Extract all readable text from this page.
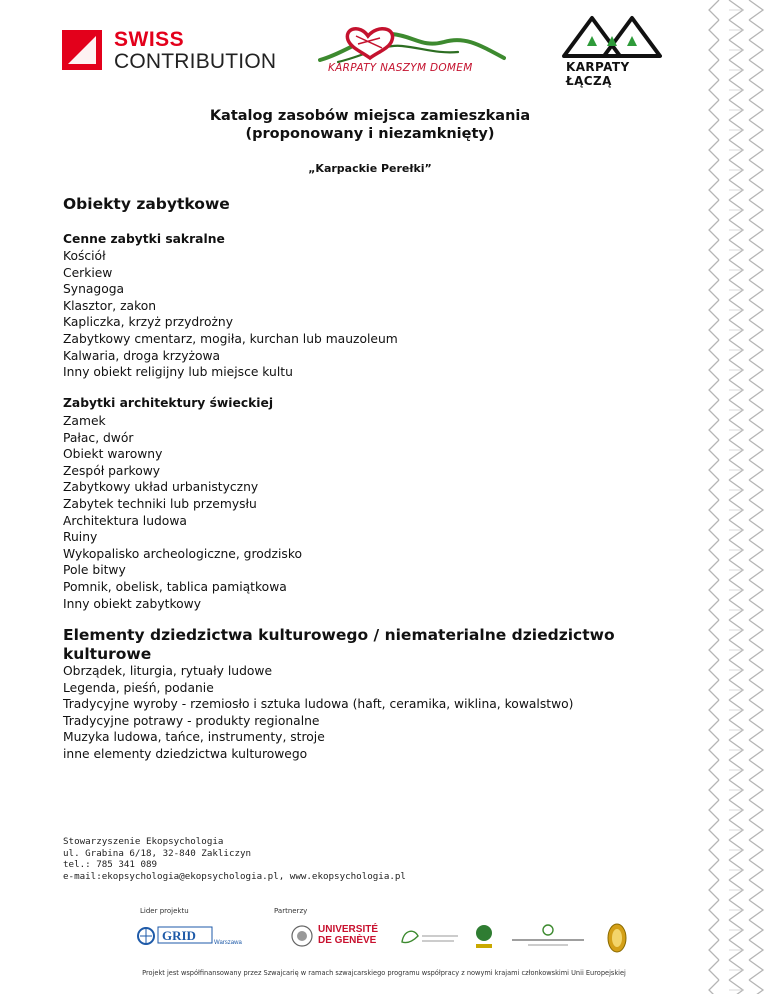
SWISS
CONTRIBUTION	KARPATY NASZYM DOMEM	KARPATY ŁĄCZĄ
Katalog zasobów miejsca zamieszkania
(proponowany i niezamknięty)
„Karpackie Perełki”
Obiekty zabytkowe
Cenne zabytki sakralne
Kościół
Cerkiew
Synagoga
Klasztor, zakon
Kapliczka, krzyż przydrożny
Zabytkowy cmentarz, mogiła, kurchan lub mauzoleum
Kalwaria, droga krzyżowa
Inny obiekt religijny lub miejsce kultu
Zabytki architektury świeckiej
Zamek
Pałac, dwór
Obiekt warowny
Zespół parkowy
Zabytkowy układ urbanistyczny
Zabytek techniki lub przemysłu
Architektura ludowa
Ruiny
Wykopalisko archeologiczne, grodzisko
Pole bitwy
Pomnik, obelisk, tablica pamiątkowa
Inny obiekt zabytkowy
Elementy dziedzictwa kulturowego / niematerialne dziedzictwo
kulturowe
Obrządek, liturgia, rytuały ludowe
Legenda, pieśń, podanie
Tradycyjne wyroby - rzemiosło i sztuka ludowa (haft, ceramika, wiklina, kowalstwo)
Tradycyjne potrawy - produkty regionalne
Muzyka ludowa, tańce, instrumenty, stroje
inne elementy dziedzictwa kulturowego
Stowarzyszenie Ekopsychologia
ul. Grabina 6/18, 32-840 Zakliczyn
tel.: 785 341 089
e-mail:ekopsychologia@ekopsychologia.pl, www.ekopsychologia.pl
Lider projektu	Partnerzy
GRID	Warszawa
UNIVERSITÉ
DE GENÈVE
Projekt jest współfinansowany przez Szwajcarię w ramach szwajcarskiego programu współpracy z nowymi krajami członkowskimi Unii Europejskiej
